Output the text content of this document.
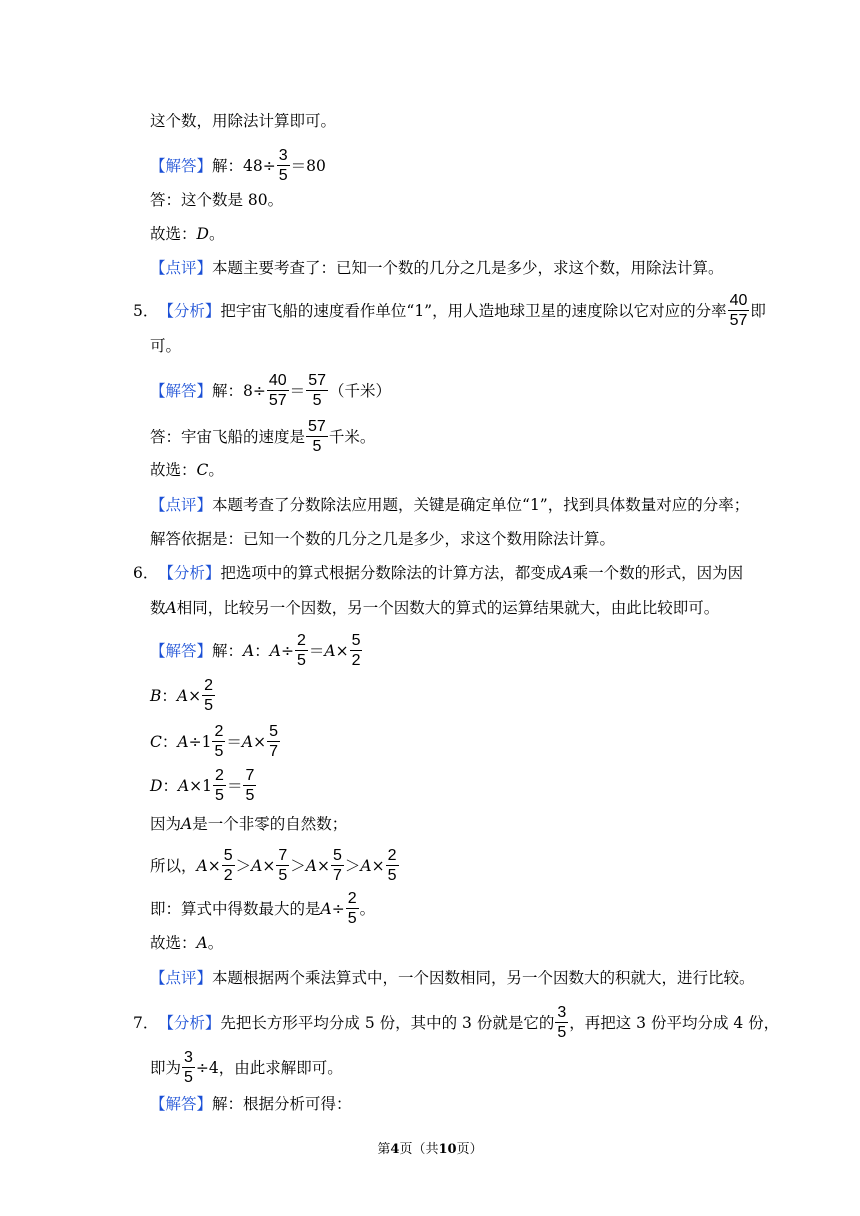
这个数，用除法计算即可。
【解答】 解：$48\div \frac{3}{5} =80$
答：这个数是 80。
故选： D 。
【点评】 本题主要考查了：已知一个数的几分之几是多少，求这个数，用除法计算。
5． 【分析】 把宇宙飞船的速度看作单位“1”，用人造地球卫星的速度除以它对应的分率 $\frac{40}{57}$ 即
可。
【解答】 解：$8\div \frac{40}{57} = \frac{57}{5}$ （千米）
答：宇宙飞船的速度是 $\frac{57}{5}$ 千米。
故选： C 。
【点评】 本题考查了分数除法应用题，关键是确定单位“1”，找到具体数量对应的分率；
解答依据是：已知一个数的几分之几是多少，求这个数用除法计算。
6． 【分析】 把选项中的算式根据分数除法的计算方法，都变成 A 乘一个数的形式，因为因
数 A 相同，比较另一个因数，另一个因数大的算式的运算结果就大，由此比较即可。
【解答】 解： A ： $A \div \frac{2}{5} = A \times \frac{5}{2}$
B ： $A \times \frac{2}{5}$
C ： $A \div 1 \frac{2}{5} = A \times \frac{5}{7}$
D ： $A \times 1 \frac{2}{5} = \frac{7}{5}$
因为 A 是一个非零的自然数；
所以， $A \times \frac{5}{2} > A \times \frac{7}{5} > A \times \frac{5}{7} > A \times \frac{2}{5}$
即：算式中得数最大的是 $A \div \frac{2}{5}$ 。
故选： A 。
【点评】 本题根据两个乘法算式中，一个因数相同，另一个因数大的积就大，进行比较。
7． 【分析】 先把长方形平均分成 5 份，其中的 3 份就是它的 $\frac{3}{5}$ ，再把这 3 份平均分成 4 份，
即为 $\frac{3}{5} \div 4$，由此求解即可。
【解答】 解：根据分析可得：
第4页（共10页）
